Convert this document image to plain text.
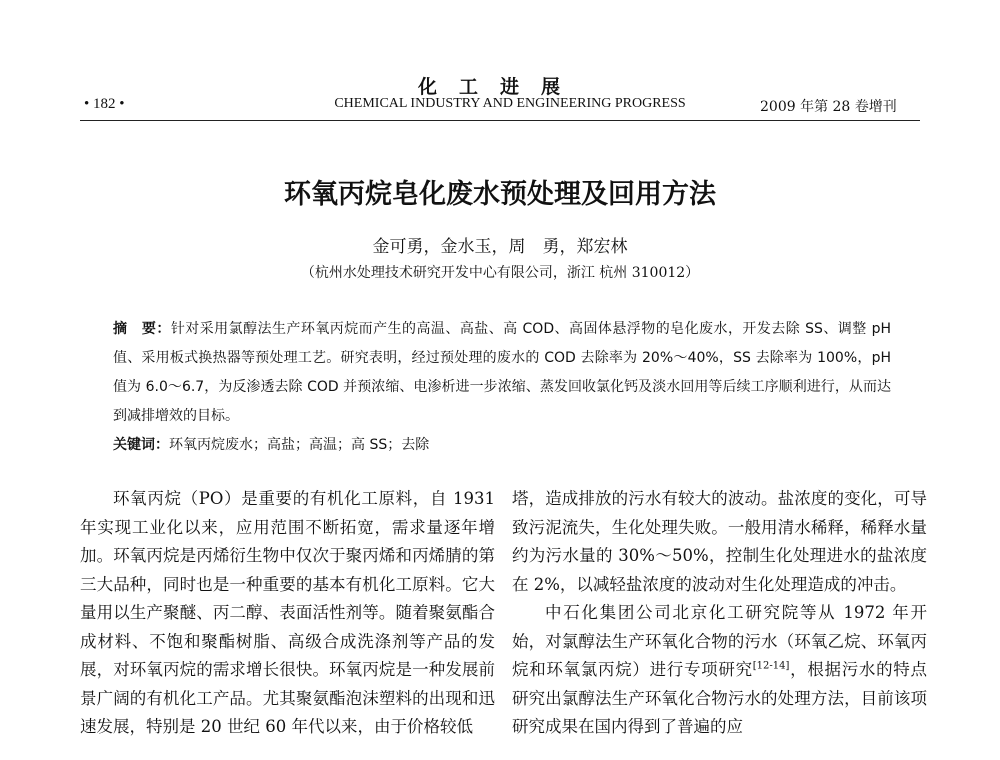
化工进展
• 182 •	CHEMICAL INDUSTRY AND ENGINEERING PROGRESS	2009 年第 28 卷增刊
环氧丙烷皂化废水预处理及回用方法
金可勇，金水玉，周　勇，郑宏林
（杭州水处理技术研究开发中心有限公司，浙江 杭州 310012）
摘　要：针对采用氯醇法生产环氧丙烷而产生的高温、高盐、高 COD、高固体悬浮物的皂化废水，开发去除 SS、调整 pH 值、采用板式换热器等预处理工艺。研究表明，经过预处理的废水的 COD 去除率为 20%～40%，SS 去除率为 100%，pH 值为 6.0～6.7，为反渗透去除 COD 并预浓缩、电渗析进一步浓缩、蒸发回收氯化钙及淡水回用等后续工序顺利进行，从而达到减排增效的目标。
关键词：环氧丙烷废水；高盐；高温；高 SS；去除

环氧丙烷（PO）是重要的有机化工原料，自 1931 年实现工业化以来，应用范围不断拓宽，需求量逐年增加。环氧丙烷是丙烯衍生物中仅次于聚丙烯和丙烯腈的第三大品种，同时也是一种重要的基本有机化工原料。它大量用以生产聚醚、丙二醇、表面活性剂等。随着聚氨酯合成材料、不饱和聚酯树脂、高级合成洗涤剂等产品的发展，对环氧丙烷的需求增长很快。环氧丙烷是一种发展前景广阔的有机化工产品。尤其聚氨酯泡沫塑料的出现和迅速发展，特别是 20 世纪 60 年代以来，由于价格较低

塔，造成排放的污水有较大的波动。盐浓度的变化，可导致污泥流失，生化处理失败。一般用清水稀释，稀释水量约为污水量的 30%～50%，控制生化处理进水的盐浓度在 2%，以减轻盐浓度的波动对生化处理造成的冲击。

中石化集团公司北京化工研究院等从 1972 年开始，对氯醇法生产环氧化合物的污水（环氧乙烷、环氧丙烷和环氧氯丙烷）进行专项研究[12-14]，根据污水的特点研究出氯醇法生产环氧化合物污水的处理方法，目前该项研究成果在国内得到了普遍的应
